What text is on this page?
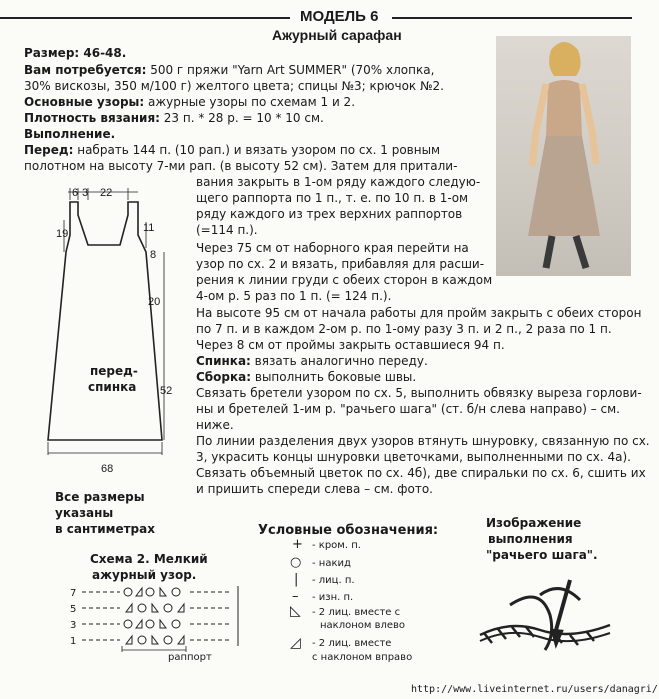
МОДЕЛЬ 6
Ажурный сарафан
Размер: 46-48.
Вам потребуется: 500 г пряжи "Yarn Art SUMMER" (70% хлопка,
30% вискозы, 350 м/100 г) желтого цвета; спицы №3; крючок №2.
Основные узоры: ажурные узоры по схемам 1 и 2.
Плотность вязания: 23 п. * 28 р. = 10 * 10 см.
Выполнение.
Перед: набрать 144 п. (10 рап.) и вязать узором по сх. 1 ровным
полотном на высоту 7-ми рап. (в высоту 52 см). Затем для притали-
вания закрыть в 1-ом ряду каждого следую-
щего раппорта по 1 п., т. е. по 10 п. в 1-ом
ряду каждого из трех верхних раппортов
(=114 п.).
Через 75 см от наборного края перейти на
узор по сх. 2 и вязать, прибавляя для расши-
рения к линии груди с обеих сторон в каждом
4-ом р. 5 раз по 1 п. (= 124 п.).
На высоте 95 см от начала работы для пройм закрыть с обеих сторон
по 7 п. и в каждом 2-ом р. по 1-ому разу 3 п. и 2 п., 2 раза по 1 п.
Через 8 см от проймы закрыть оставшиеся 94 п.
Спинка: вязать аналогично переду.
Сборка: выполнить боковые швы.
Связать бретели узором по сх. 5, выполнить обвязку выреза горлови-
ны и бретелей 1-им р. "рачьего шага" (ст. б/н слева направо) – см.
ниже.
По линии разделения двух узоров втянуть шнуровку, связанную по сх.
3, украсить концы шнуровки цветочками, выполненными по сх. 4а).
Связать объемный цветок по сх. 4б), две спиральки по сх. 6, сшить их
и пришить спереди слева – см. фото.
6 3 22
19	11
8
20
52
68
перед-
спинка
Все размеры
указаны
в сантиметрах
Схема 2. Мелкий
ажурный узор.
7
5
3
1
раппорт
Условные обозначения:
+ - кром. п.
○ - накид
| - лиц. п.
– - изн. п.
◺ - 2 лиц. вместе с
наклоном влево
◿ - 2 лиц. вместе
с наклоном вправо
Изображение
выполнения
"рачьего шага".
http://www.liveinternet.ru/users/danagri/
